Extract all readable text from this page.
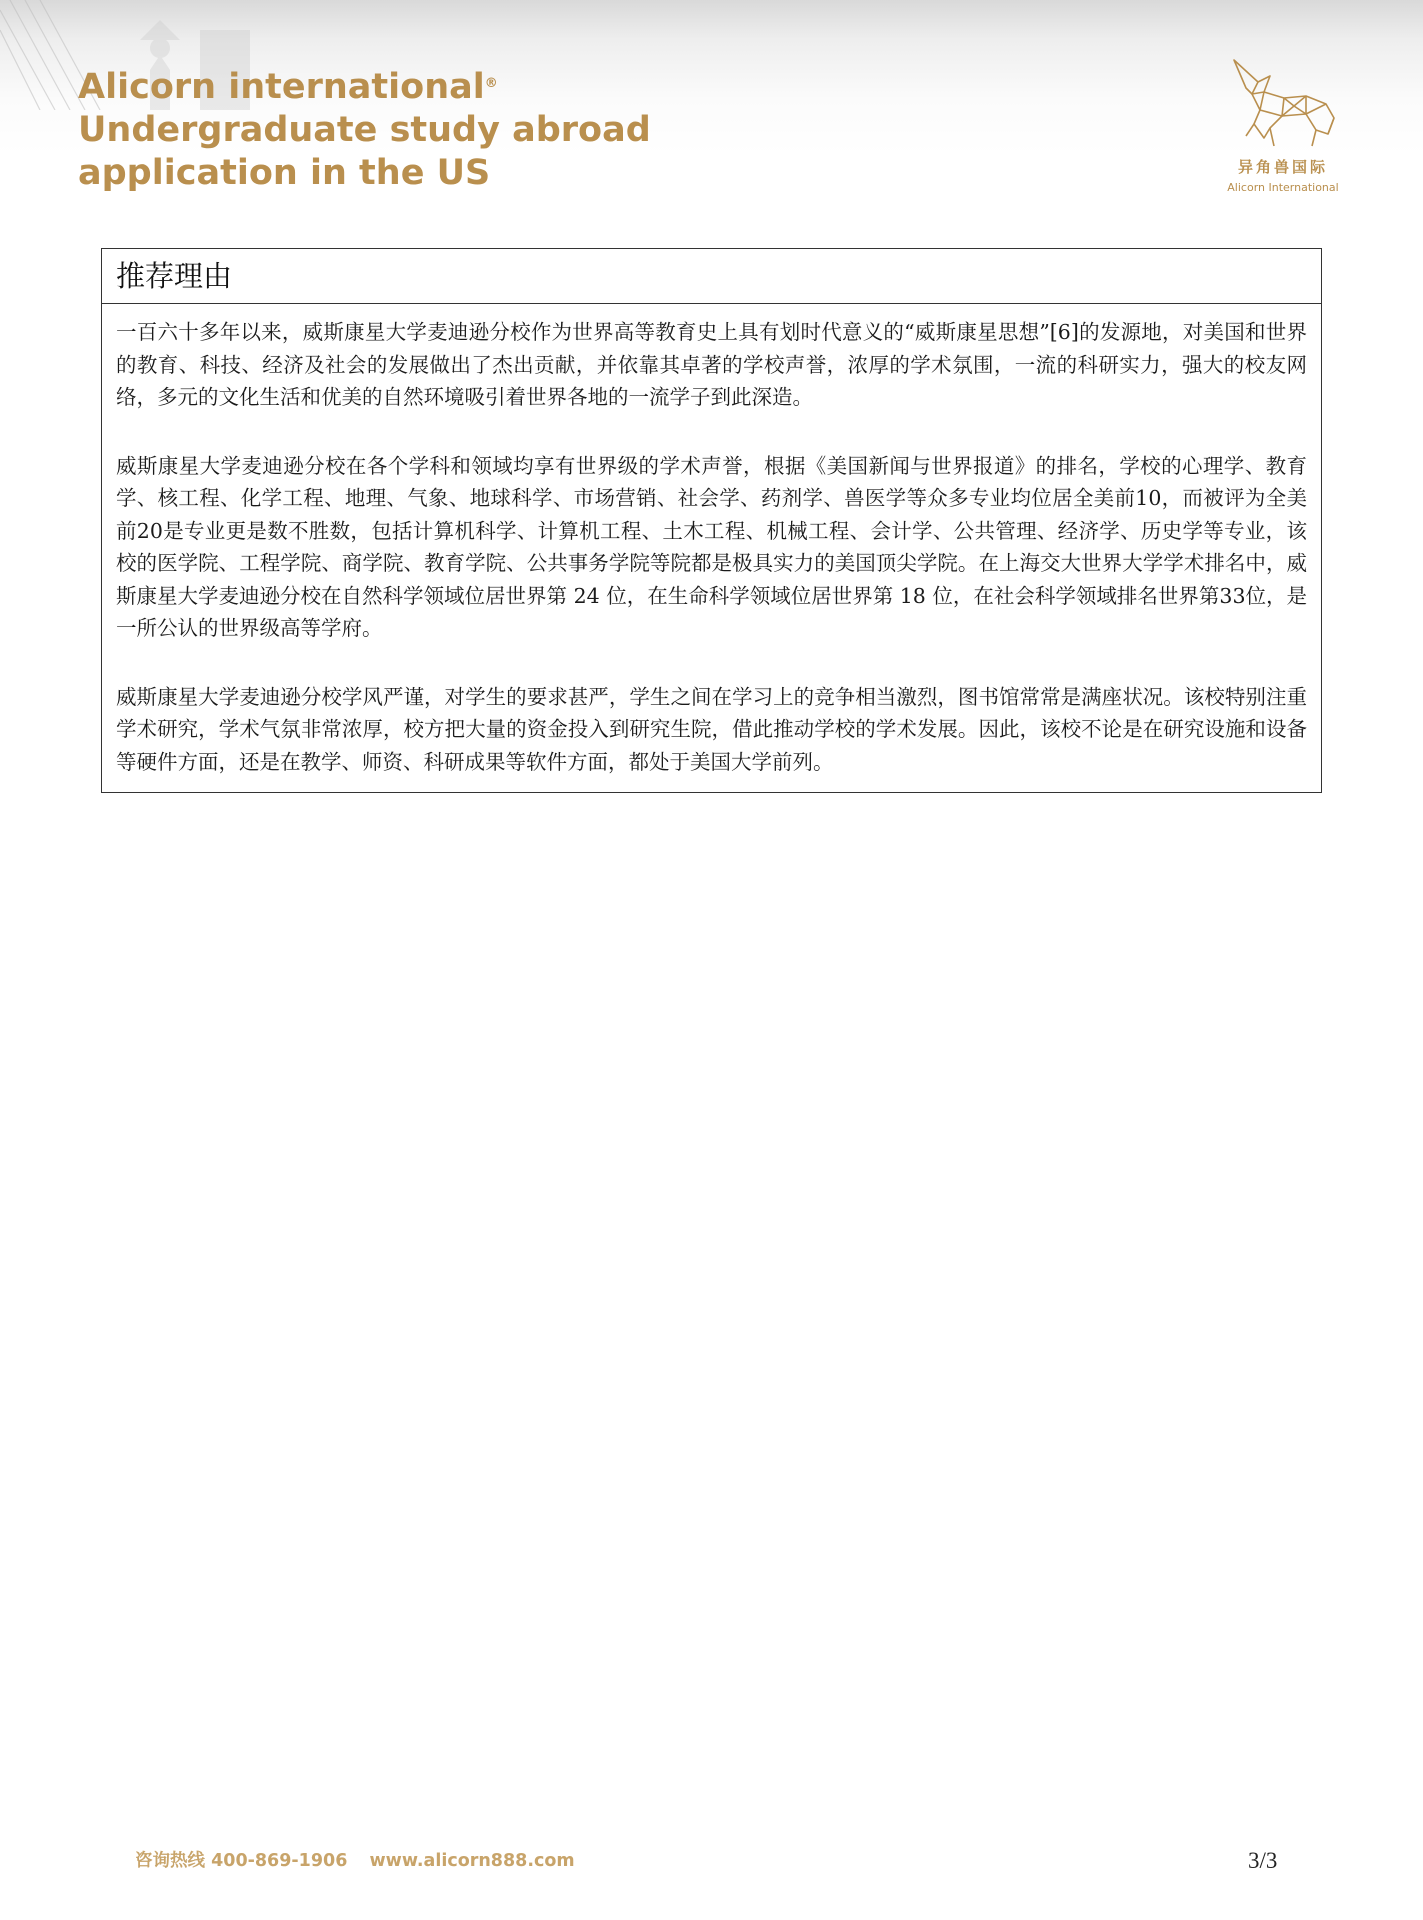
Alicorn international®
Undergraduate study abroad
application in the US	异角兽国际
Alicorn International
推荐理由

一百六十多年以来，威斯康星大学麦迪逊分校作为世界高等教育史上具有划时代意义的“威斯康星思想”[6]的发源地，对美国和世界的教育、科技、经济及社会的发展做出了杰出贡献，并依靠其卓著的学校声誉，浓厚的学术氛围，一流的科研实力，强大的校友网络，多元的文化生活和优美的自然环境吸引着世界各地的一流学子到此深造。

威斯康星大学麦迪逊分校在各个学科和领域均享有世界级的学术声誉，根据《美国新闻与世界报道》的排名，学校的心理学、教育学、核工程、化学工程、地理、气象、地球科学、市场营销、社会学、药剂学、兽医学等众多专业均位居全美前10，而被评为全美前20是专业更是数不胜数，包括计算机科学、计算机工程、土木工程、机械工程、会计学、公共管理、经济学、历史学等专业，该校的医学院、工程学院、商学院、教育学院、公共事务学院等院都是极具实力的美国顶尖学院。在上海交大世界大学学术排名中，威斯康星大学麦迪逊分校在自然科学领域位居世界第 24 位，在生命科学领域位居世界第 18 位，在社会科学领域排名世界第33位，是一所公认的世界级高等学府。

威斯康星大学麦迪逊分校学风严谨，对学生的要求甚严，学生之间在学习上的竞争相当激烈，图书馆常常是满座状况。该校特别注重学术研究，学术气氛非常浓厚，校方把大量的资金投入到研究生院，借此推动学校的学术发展。因此，该校不论是在研究设施和设备等硬件方面，还是在教学、师资、科研成果等软件方面，都处于美国大学前列。

咨询热线 400-869-1906 www.alicorn888.com	3/3
